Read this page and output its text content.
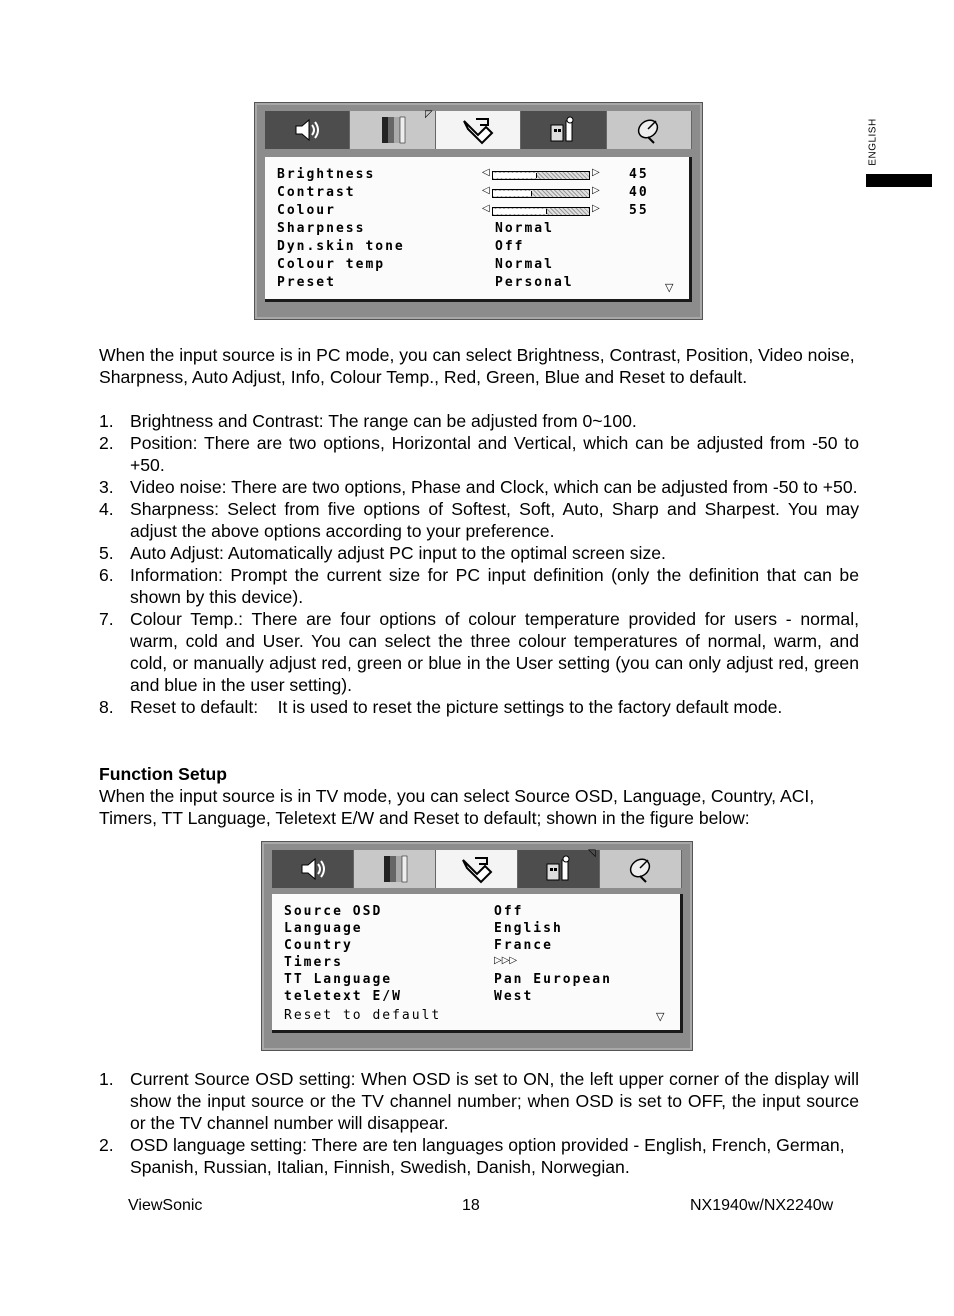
ENGLISH
◸
Brightness	◁	▷ 45
Contrast	◁	▷ 40
Colour	◁	▷ 55
Sharpness	Normal
Dyn.skin tone	Off
Colour temp	Normal
Preset	Personal	▽

When the input source is in PC mode, you can select Brightness, Contrast, Position, Video noise, Sharpness, Auto Adjust, Info, Colour Temp., Red, Green, Blue and Reset to default.

1. Brightness and Contrast: The range can be adjusted from 0~100.
2. Position: There are two options, Horizontal and Vertical, which can be adjusted from -50 to +50.
3. Video noise: There are two options, Phase and Clock, which can be adjusted from -50 to +50.
4. Sharpness: Select from five options of Softest, Soft, Auto, Sharp and Sharpest. You may adjust the above options according to your preference.
5. Auto Adjust: Automatically adjust PC input to the optimal screen size.
6. Information: Prompt the current size for PC input definition (only the definition that can be shown by this device).
7. Colour Temp.: There are four options of colour temperature provided for users - normal, warm, cold and User. You can select the three colour temperatures of normal, warm, and cold, or manually adjust red, green or blue in the User setting (you can only adjust red, green and blue in the user setting).
8. Reset to default:    It is used to reset the picture settings to the factory default mode.
Function Setup

When the input source is in TV mode, you can select Source OSD, Language, Country, ACI, Timers, TT Language, Teletext E/W and Reset to default; shown in the figure below:

◹
Source OSD	Off
Language	English
Country	France
Timers	▷▷▷
TT Language	Pan European
teletext E/W	West
Reset to default	▽
1. Current Source OSD setting: When OSD is set to ON, the left upper corner of the display will show the input source or the TV channel number; when OSD is set to OFF, the input source or the TV channel number will disappear.
2. OSD language setting: There are ten languages option provided - English, French, German, Spanish, Russian, Italian, Finnish, Swedish, Danish, Norwegian.
ViewSonic	18	NX1940w/NX2240w
